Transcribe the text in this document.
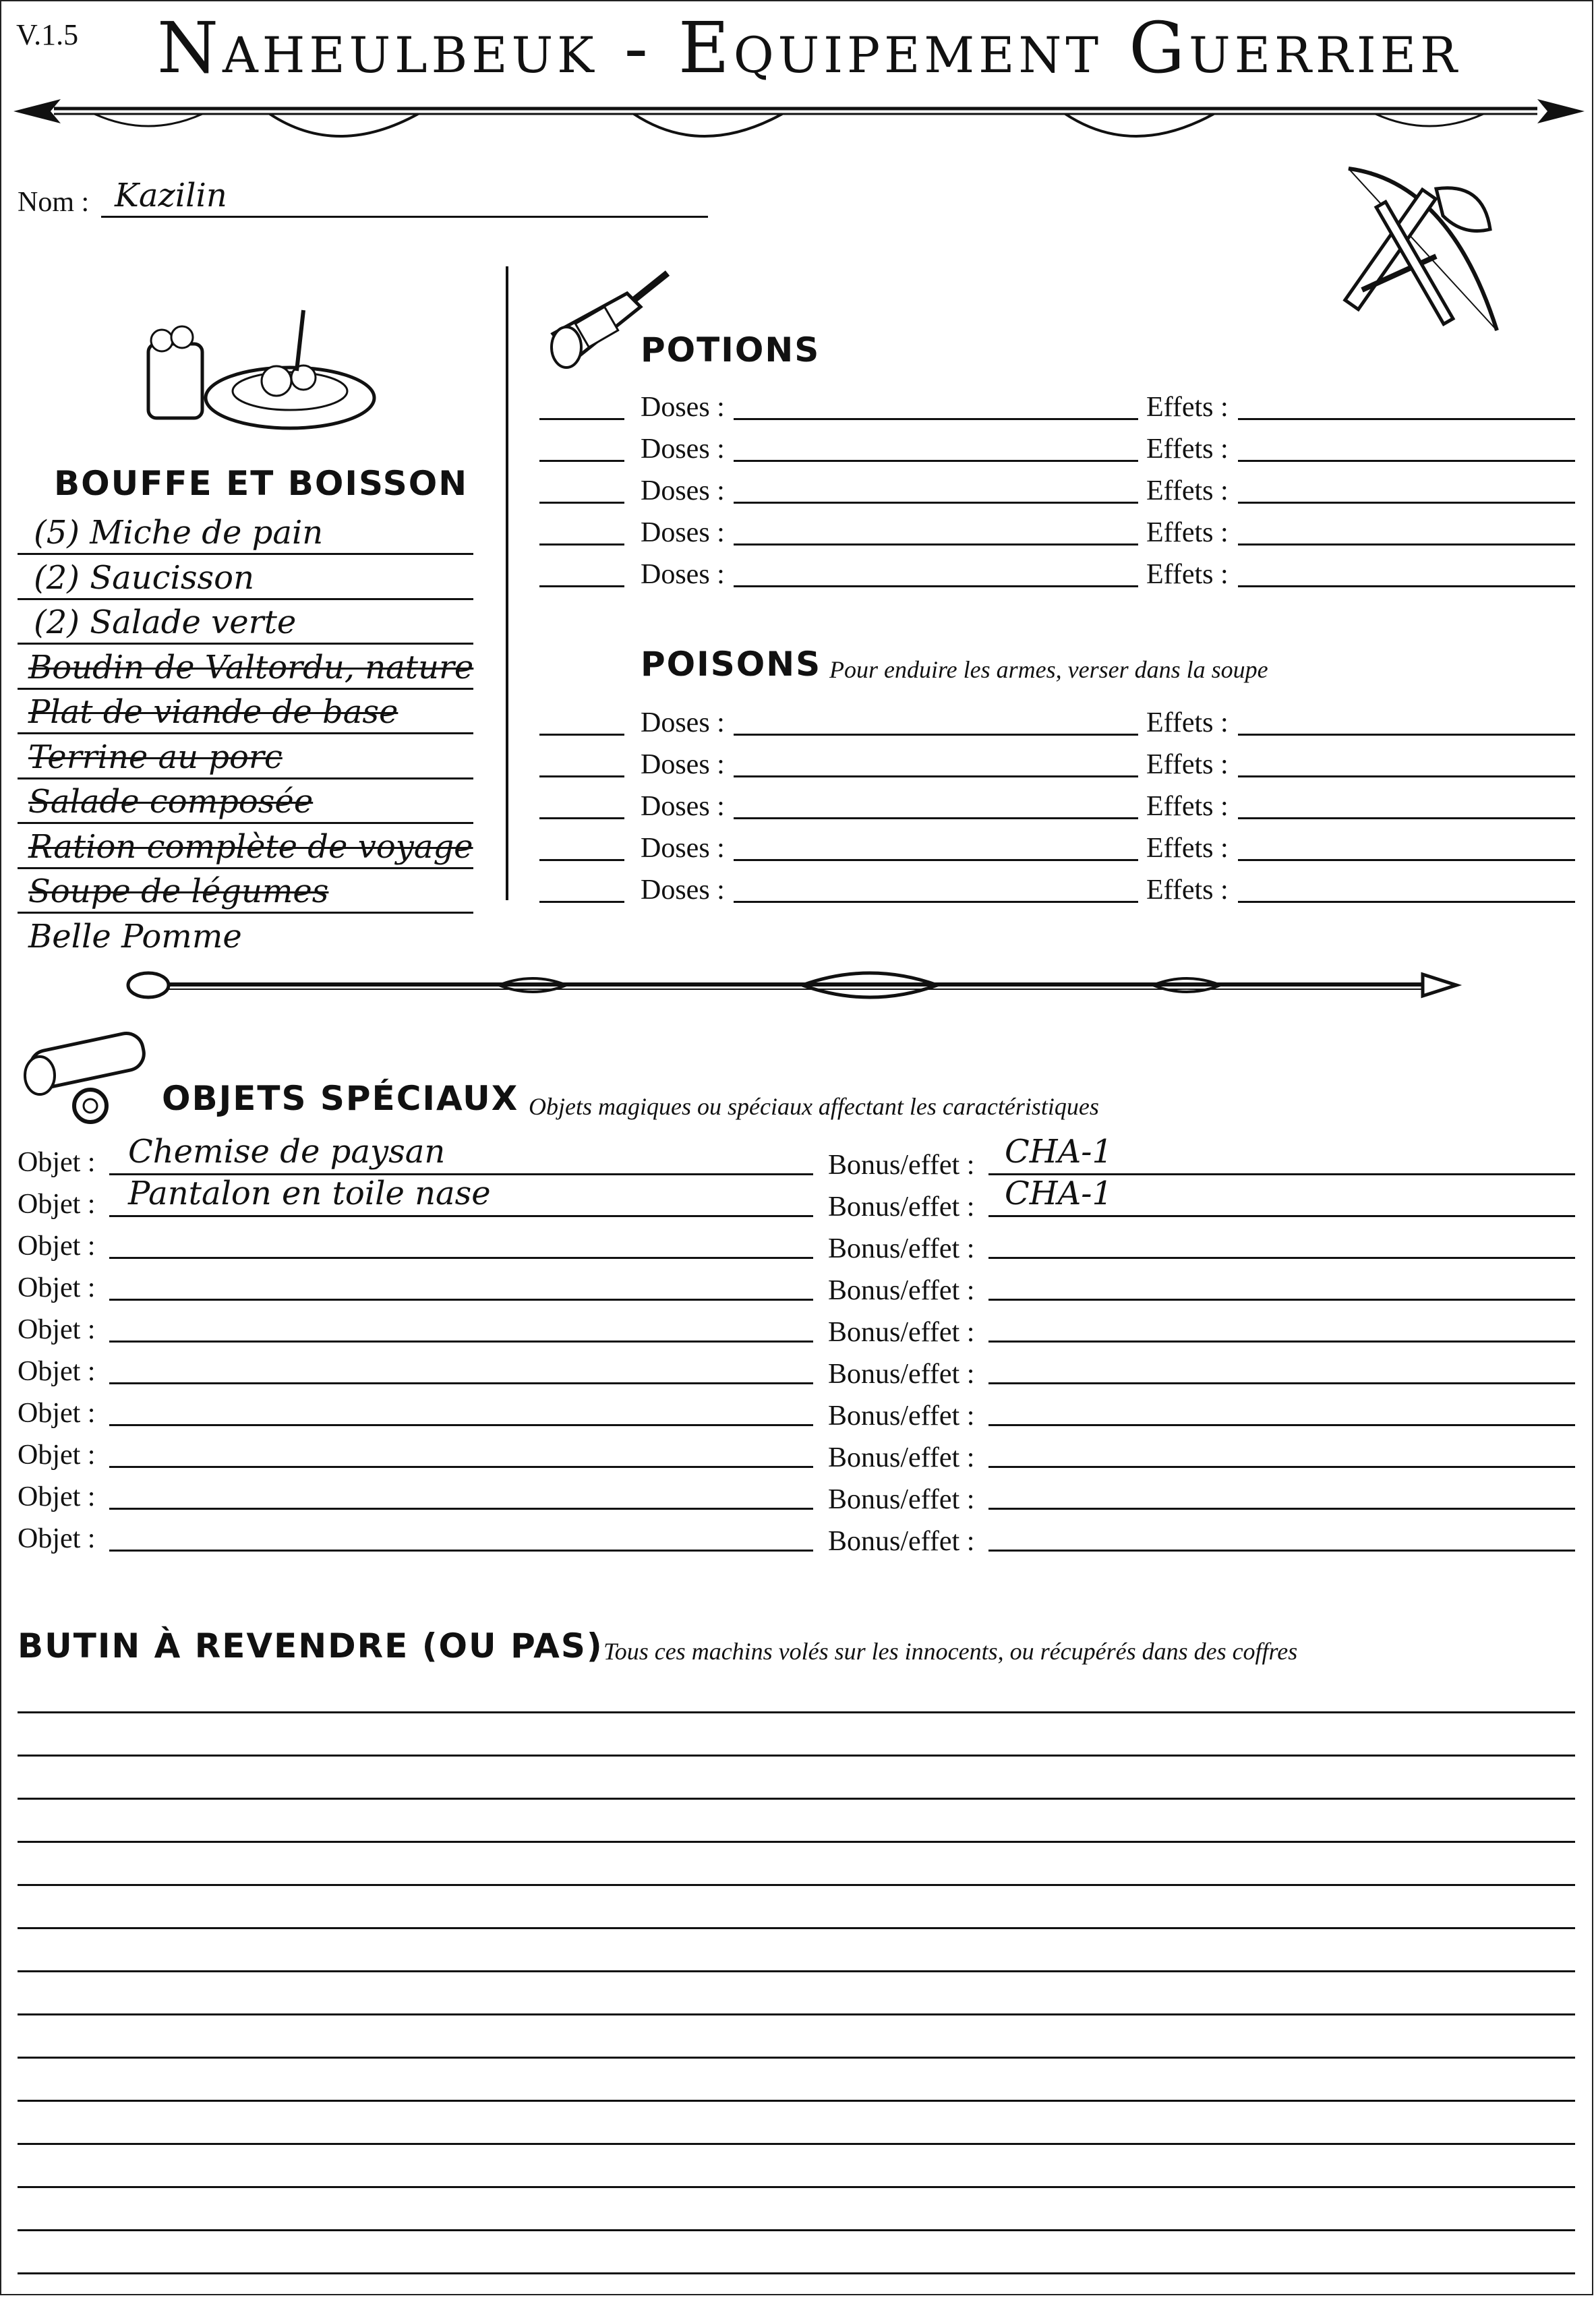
V.1.5 Naheulbeuk - Equipement Guerrier
Nom : Kazilin
BOUFFE ET BOISSON
(5) Miche de pain
(2) Saucisson
(2) Salade verte
Boudin de Valtordu, nature
Plat de viande de base
Terrine au porc
Salade composée
Ration complète de voyage
Soupe de légumes
Belle Pomme
POTIONS
Doses :	Effets :
Doses :	Effets :
Doses :	Effets :
Doses :	Effets :
Doses :	Effets :
POISONS Pour enduire les armes, verser dans la soupe
Doses :	Effets :
Doses :	Effets :
Doses :	Effets :
Doses :	Effets :
Doses :	Effets :
OBJETS SPÉCIAUX Objets magiques ou spéciaux affectant les caractéristiques
Objet : Chemise de paysan	Bonus/effet : CHA-1
Objet : Pantalon en toile nase	Bonus/effet : CHA-1
Objet :	Bonus/effet :
Objet :	Bonus/effet :
Objet :	Bonus/effet :
Objet :	Bonus/effet :
Objet :	Bonus/effet :
Objet :	Bonus/effet :
Objet :	Bonus/effet :
Objet :	Bonus/effet :
BUTIN À REVENDRE (OU PAS) Tous ces machins volés sur les innocents, ou récupérés dans des coffres
